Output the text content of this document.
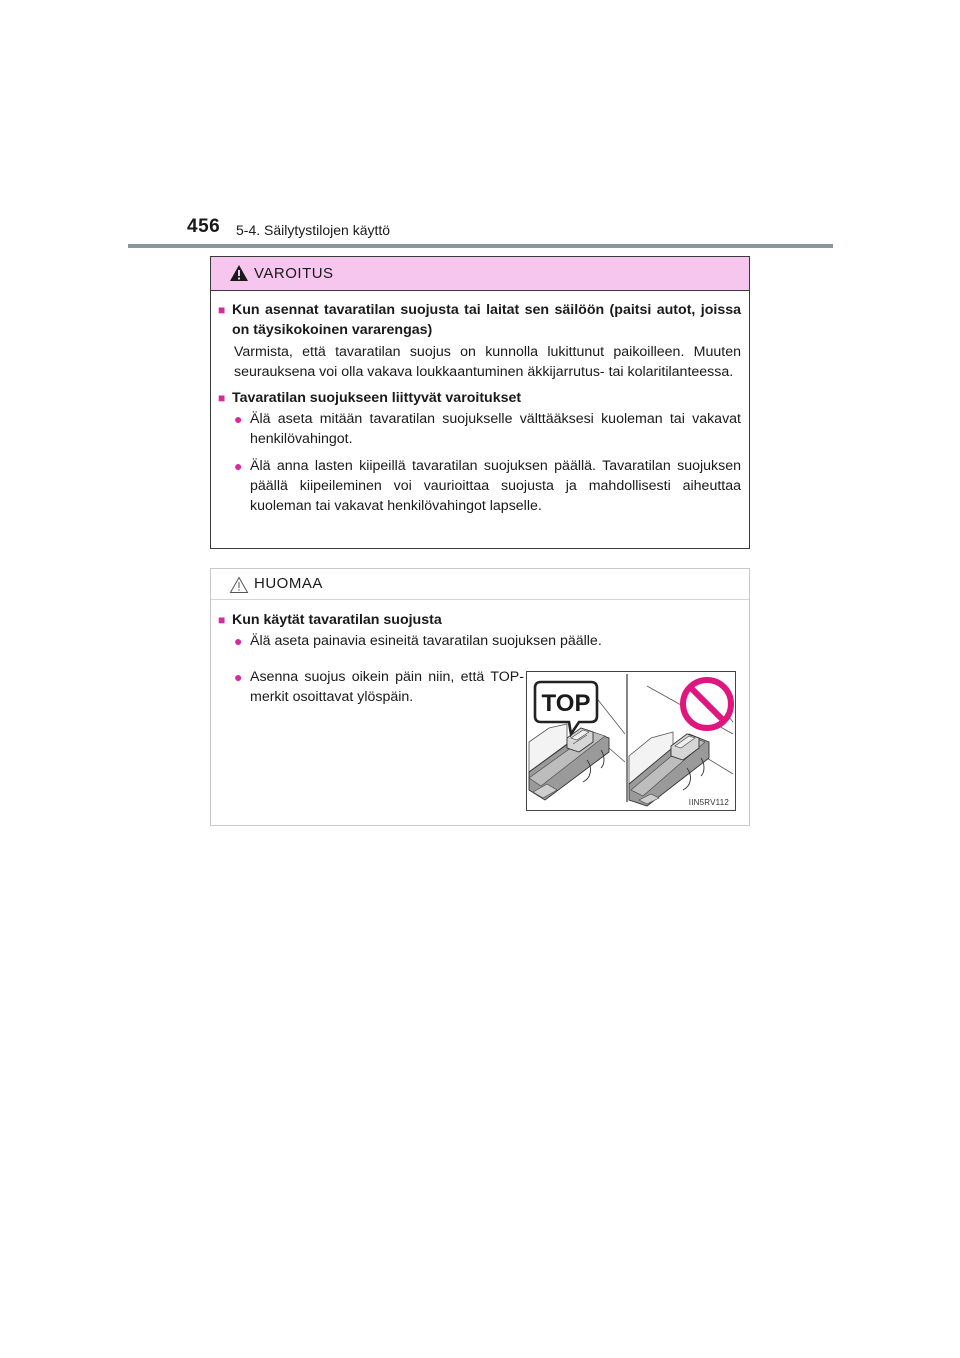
456 5-4. Säilytystilojen käyttö
VAROITUS
■ Kun asennat tavaratilan suojusta tai laitat sen säilöön (paitsi autot, joissa on täysikokoinen vararengas)

Varmista, että tavaratilan suojus on kunnolla lukittunut paikoilleen. Muuten seurauksena voi olla vakava loukkaantuminen äkkijarrutus- tai kolaritilanteessa.

■ Tavaratilan suojukseen liittyvät varoitukset

● Älä aseta mitään tavaratilan suojukselle välttääksesi kuoleman tai vakavat henkilövahingot.

● Älä anna lasten kiipeillä tavaratilan suojuksen päällä. Tavaratilan suojuksen päällä kiipeileminen voi vaurioittaa suojusta ja mahdollisesti aiheuttaa kuoleman tai vakavat henkilövahingot lapselle.

HUOMAA
■ Kun käytät tavaratilan suojusta

● Älä aseta painavia esineitä tavaratilan suojuksen päälle.

● Asenna suojus oikein päin niin, että TOP-merkit osoittavat ylöspäin.	TOP
IIN5RV112
